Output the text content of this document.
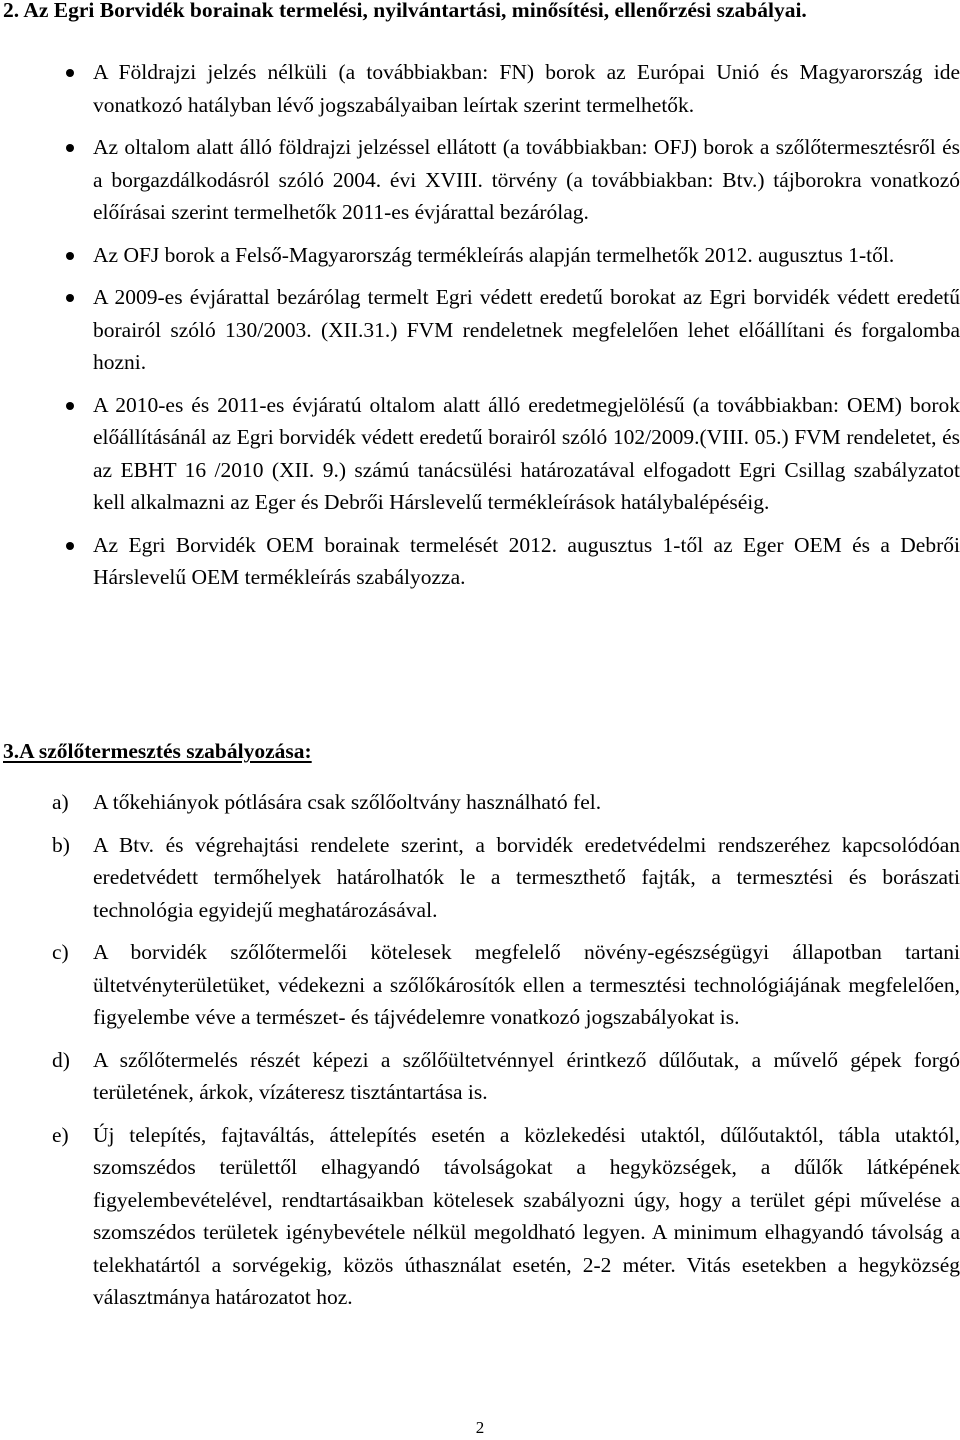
2. Az Egri Borvidék borainak termelési, nyilvántartási, minősítési, ellenőrzési szabályai.
A Földrajzi jelzés nélküli (a továbbiakban: FN) borok az Európai Unió és Magyarország ide vonatkozó hatályban lévő jogszabályaiban leírtak szerint termelhetők.
Az oltalom alatt álló földrajzi jelzéssel ellátott (a továbbiakban: OFJ) borok a szőlőtermesztésről és a borgazdálkodásról szóló 2004. évi XVIII. törvény (a továbbiakban: Btv.) tájborokra vonatkozó előírásai szerint termelhetők 2011-es évjárattal bezárólag.
Az OFJ borok a Felső-Magyarország termékleírás alapján termelhetők 2012. augusztus 1-től.
A 2009-es évjárattal bezárólag termelt Egri védett eredetű borokat az Egri borvidék védett eredetű borairól szóló 130/2003. (XII.31.) FVM rendeletnek megfelelően lehet előállítani és forgalomba hozni.
A 2010-es és 2011-es évjáratú oltalom alatt álló eredetmegjelölésű (a továbbiakban: OEM) borok előállításánál az Egri borvidék védett eredetű borairól szóló 102/2009.(VIII. 05.) FVM rendeletet, és az EBHT 16 /2010 (XII. 9.) számú tanácsülési határozatával elfogadott Egri Csillag szabályzatot kell alkalmazni az Eger és Debrői Hárslevelű termékleírások hatálybalépéséig.
Az Egri Borvidék OEM borainak termelését 2012. augusztus 1-től az Eger OEM és a Debrői Hárslevelű OEM termékleírás szabályozza.
3.A szőlőtermesztés szabályozása:
a) A tőkehiányok pótlására csak szőlőoltvány használható fel.
b) A Btv. és végrehajtási rendelete szerint, a borvidék eredetvédelmi rendszeréhez kapcsolódóan eredetvédett termőhelyek határolhatók le a termeszthető fajták, a termesztési és borászati technológia egyidejű meghatározásával.
c) A borvidék szőlőtermelői kötelesek megfelelő növény-egészségügyi állapotban tartani ültetvényterületüket, védekezni a szőlőkárosítók ellen a termesztési technológiájának megfelelően, figyelembe véve a természet- és tájvédelemre vonatkozó jogszabályokat is.
d) A szőlőtermelés részét képezi a szőlőültetvénnyel érintkező dűlőutak, a művelő gépek forgó területének, árkok, vízáteresz tisztántartása is.
e) Új telepítés, fajtaváltás, áttelepítés esetén a közlekedési utaktól, dűlőutaktól, tábla utaktól, szomszédos területtől elhagyandó távolságokat a hegyközségek, a dűlők látképének figyelembevételével, rendtartásaikban kötelesek szabályozni úgy, hogy a terület gépi művelése a szomszédos területek igénybevétele nélkül megoldható legyen. A minimum elhagyandó távolság a telekhatártól a sorvégekig, közös úthasználat esetén, 2-2 méter. Vitás esetekben a hegyközség választmánya határozatot hoz.
2
